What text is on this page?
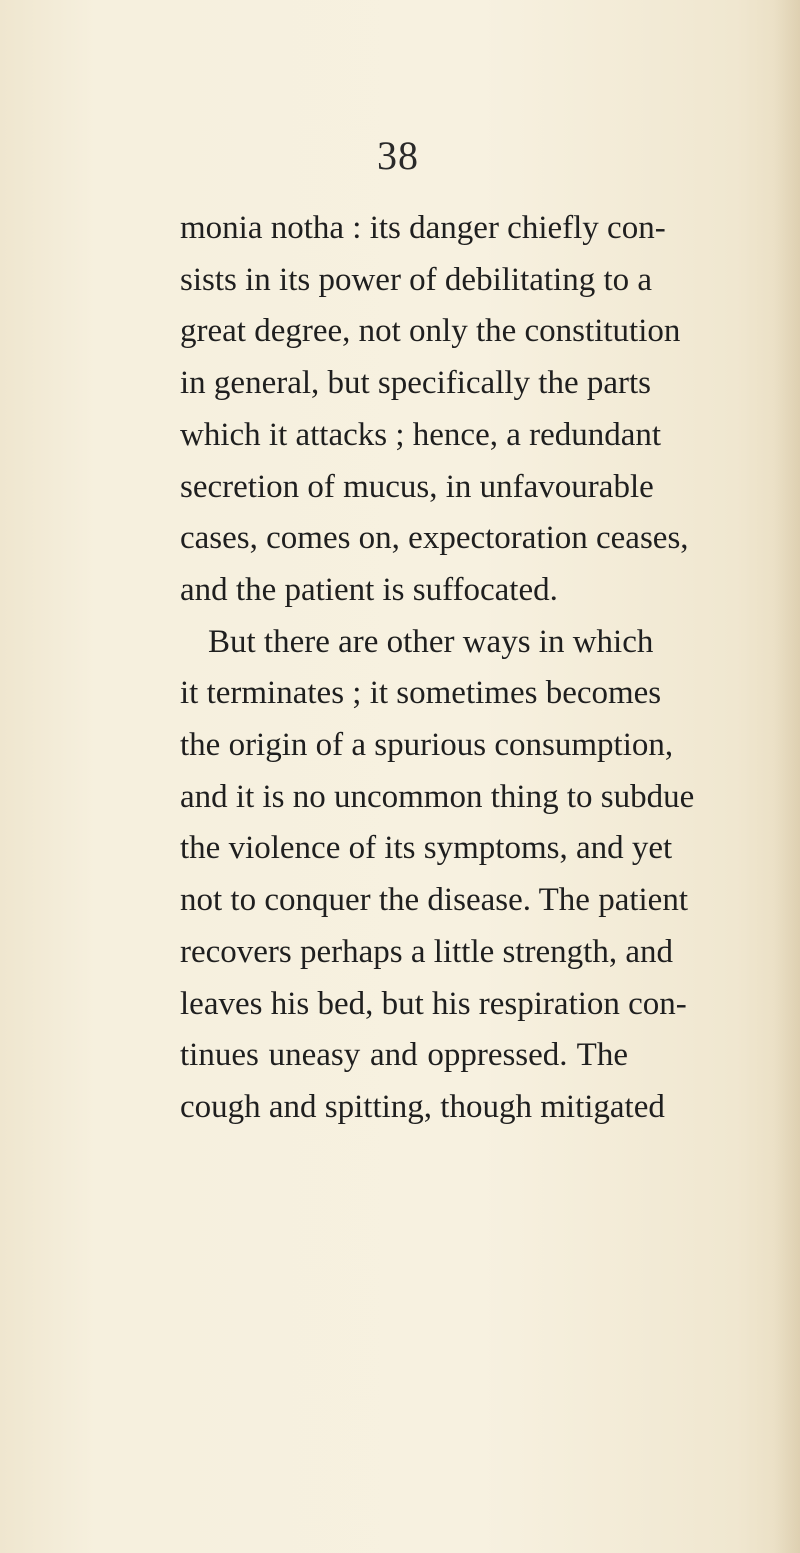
38
monia notha : its danger chiefly con-
sists in its power of debilitating to a
great degree, not only the constitution
in general, but specifically the parts
which it attacks ; hence, a redundant
secretion of mucus, in unfavourable
cases, comes on, expectoration ceases,
and the patient is suffocated.
But there are other ways in which
it terminates ; it sometimes becomes
the origin of a spurious consumption,
and it is no uncommon thing to subdue
the violence of its symptoms, and yet
not to conquer the disease. The patient
recovers perhaps a little strength, and
leaves his bed, but his respiration con-
tinues uneasy and oppressed. The
cough and spitting, though mitigated
